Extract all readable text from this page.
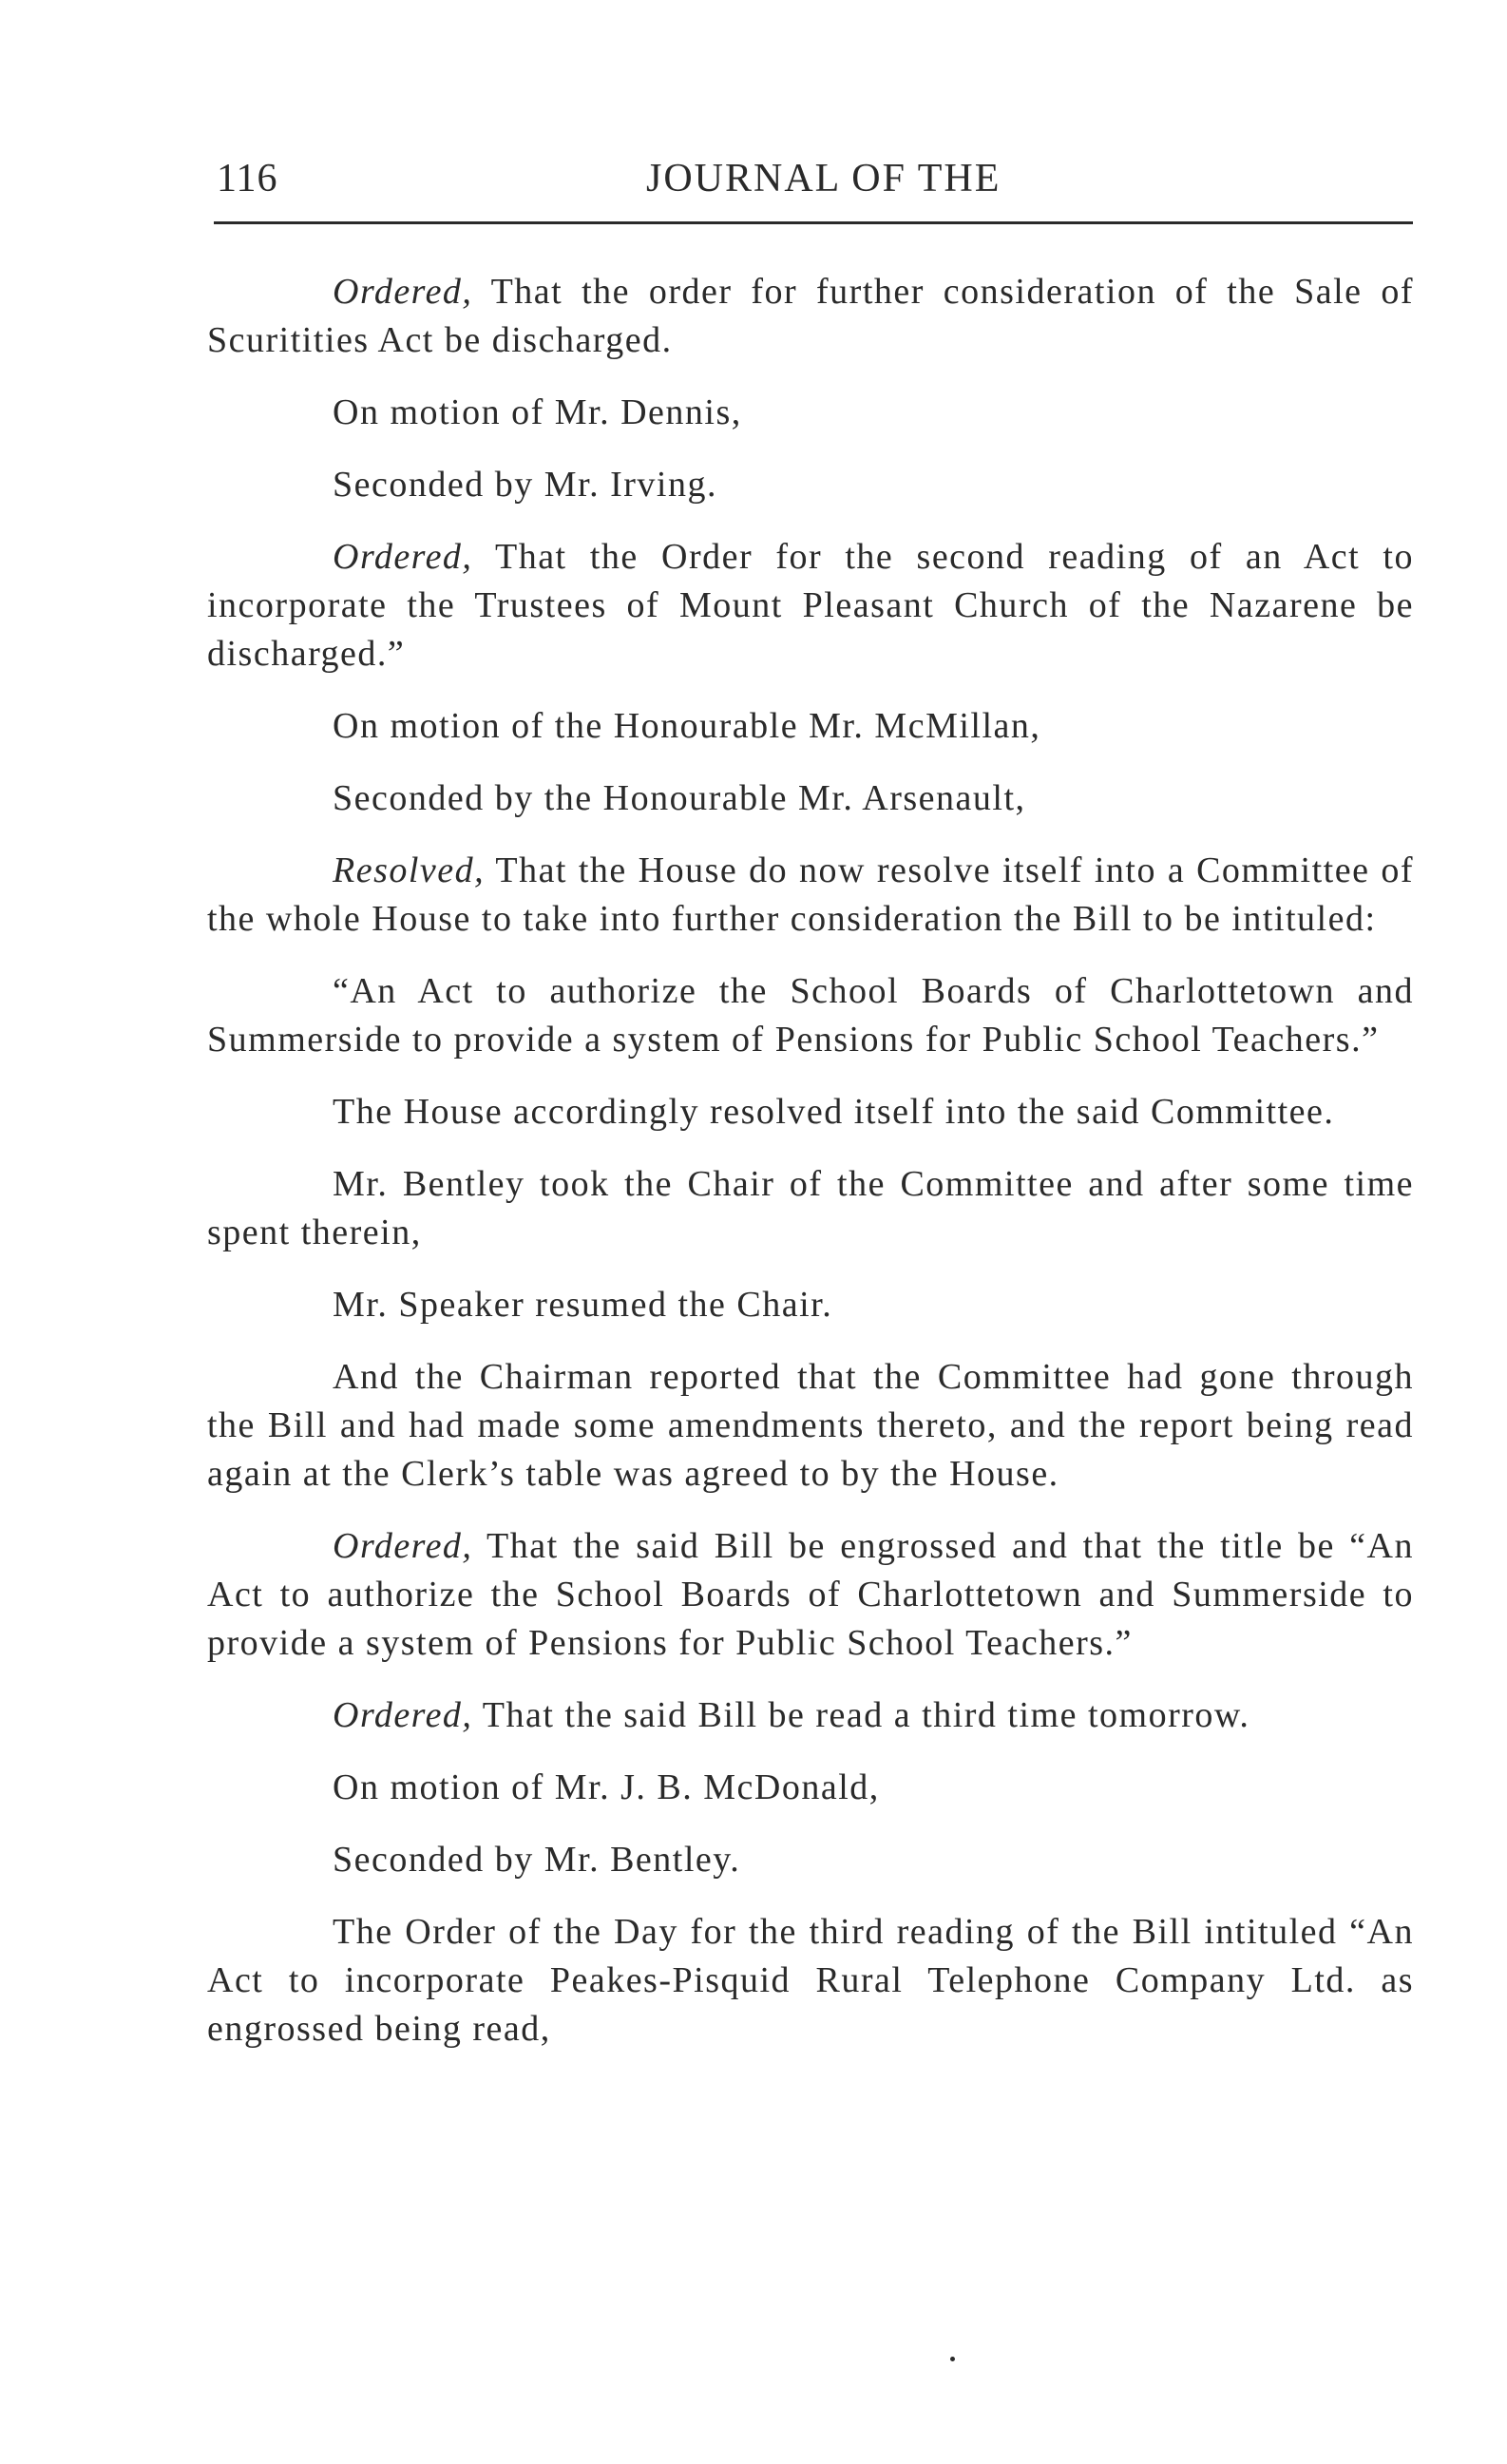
116	JOURNAL OF THE

Ordered, That the order for further consideration of the Sale of Scuritities Act be discharged.

On motion of Mr. Dennis,

Seconded by Mr. Irving.

Ordered, That the Order for the second reading of an Act to incorporate the Trustees of Mount Pleasant Church of the Nazarene be discharged.”

On motion of the Honourable Mr. McMillan,

Seconded by the Honourable Mr. Arsenault,

Resolved, That the House do now resolve itself into a Committee of the whole House to take into further consideration the Bill to be intituled:

“An Act to authorize the School Boards of Charlottetown and Summerside to provide a system of Pensions for Public School Teachers.”

The House accordingly resolved itself into the said Committee.

Mr. Bentley took the Chair of the Committee and after some time spent therein,

Mr. Speaker resumed the Chair.

And the Chairman reported that the Committee had gone through the Bill and had made some amendments thereto, and the report being read again at the Clerk’s table was agreed to by the House.

Ordered, That the said Bill be engrossed and that the title be “An Act to authorize the School Boards of Charlottetown and Summerside to provide a system of Pensions for Public School Teachers.”

Ordered, That the said Bill be read a third time tomorrow.

On motion of Mr. J. B. McDonald,

Seconded by Mr. Bentley.

The Order of the Day for the third reading of the Bill intituled “An Act to incorporate Peakes-Pisquid Rural Telephone Company Ltd. as engrossed being read,
